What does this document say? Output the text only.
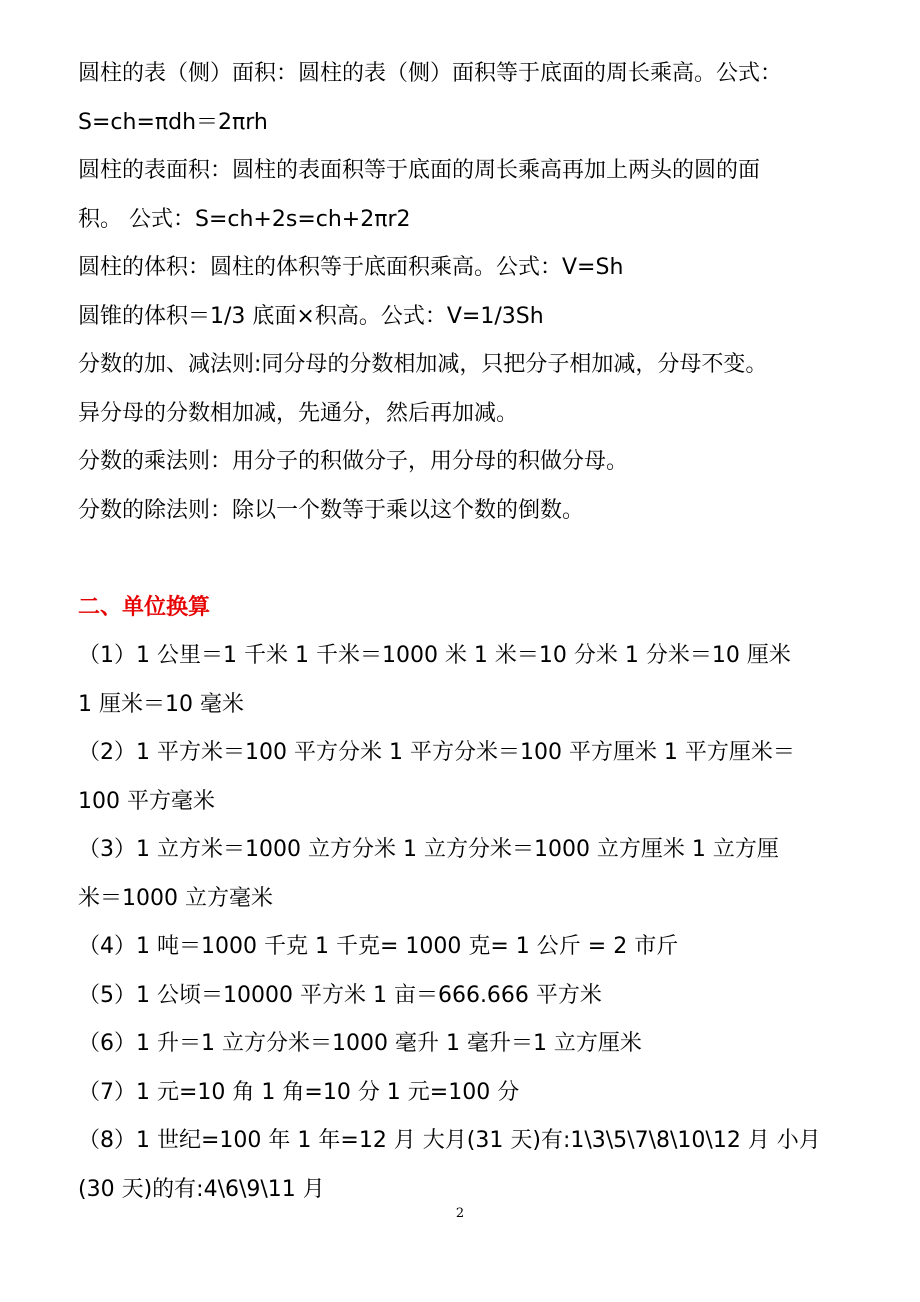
圆柱的表（侧）面积：圆柱的表（侧）面积等于底面的周长乘高。公式：
S=ch=πdh＝2πrh
圆柱的表面积：圆柱的表面积等于底面的周长乘高再加上两头的圆的面
积。 公式：S=ch+2s=ch+2πr2
圆柱的体积：圆柱的体积等于底面积乘高。公式：V=Sh
圆锥的体积＝1/3 底面×积高。公式：V=1/3Sh
分数的加、减法则:同分母的分数相加减，只把分子相加减，分母不变。
异分母的分数相加减，先通分，然后再加减。
分数的乘法则：用分子的积做分子，用分母的积做分母。
分数的除法则：除以一个数等于乘以这个数的倒数。
二、单位换算
（1）1 公里＝1 千米 1 千米＝1000 米 1 米＝10 分米 1 分米＝10 厘米
1 厘米＝10 毫米
（2）1 平方米＝100 平方分米 1 平方分米＝100 平方厘米 1 平方厘米＝
100 平方毫米
（3）1 立方米＝1000 立方分米 1 立方分米＝1000 立方厘米 1 立方厘
米＝1000 立方毫米
（4）1 吨＝1000 千克 1 千克= 1000 克= 1 公斤 = 2 市斤
（5）1 公顷＝10000 平方米 1 亩＝666.666 平方米
（6）1 升＝1 立方分米＝1000 毫升 1 毫升＝1 立方厘米
（7）1 元=10 角 1 角=10 分 1 元=100 分
（8）1 世纪=100 年 1 年=12 月 大月(31 天)有:1\3\5\7\8\10\12 月 小月
(30 天)的有:4\6\9\11 月
2
